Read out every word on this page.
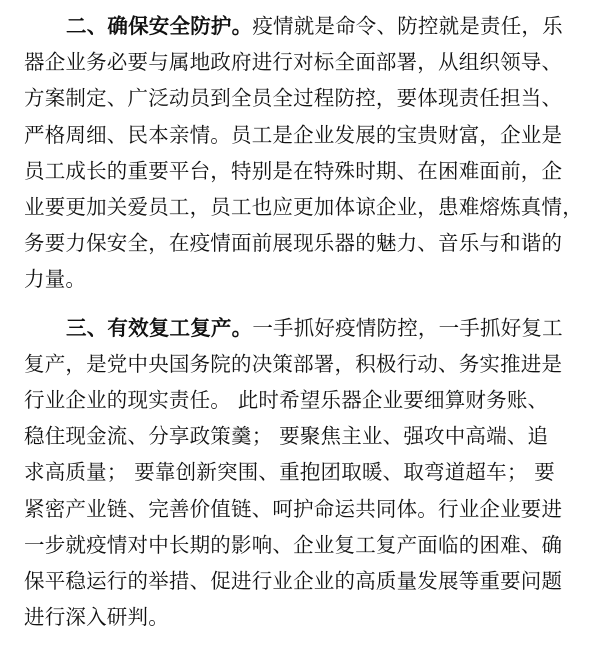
二、确保安全防护。疫情就是命令、防控就是责任，乐
器企业务必要与属地政府进行对标全面部署，从组织领导、
方案制定、广泛动员到全员全过程防控，要体现责任担当、
严格周细、民本亲情。员工是企业发展的宝贵财富，企业是
员工成长的重要平台，特别是在特殊时期、在困难面前，企
业要更加关爱员工，员工也应更加体谅企业，患难熔炼真情，
务要力保安全，在疫情面前展现乐器的魅力、音乐与和谐的
力量。

三、有效复工复产。一手抓好疫情防控，一手抓好复工
复产，是党中央国务院的决策部署，积极行动、务实推进是
行业企业的现实责任。 此时希望乐器企业要细算财务账、
稳住现金流、分享政策羹； 要聚焦主业、强攻中高端、追
求高质量； 要靠创新突围、重抱团取暖、取弯道超车； 要
紧密产业链、完善价值链、呵护命运共同体。行业企业要进
一步就疫情对中长期的影响、企业复工复产面临的困难、确
保平稳运行的举措、促进行业企业的高质量发展等重要问题
进行深入研判。
